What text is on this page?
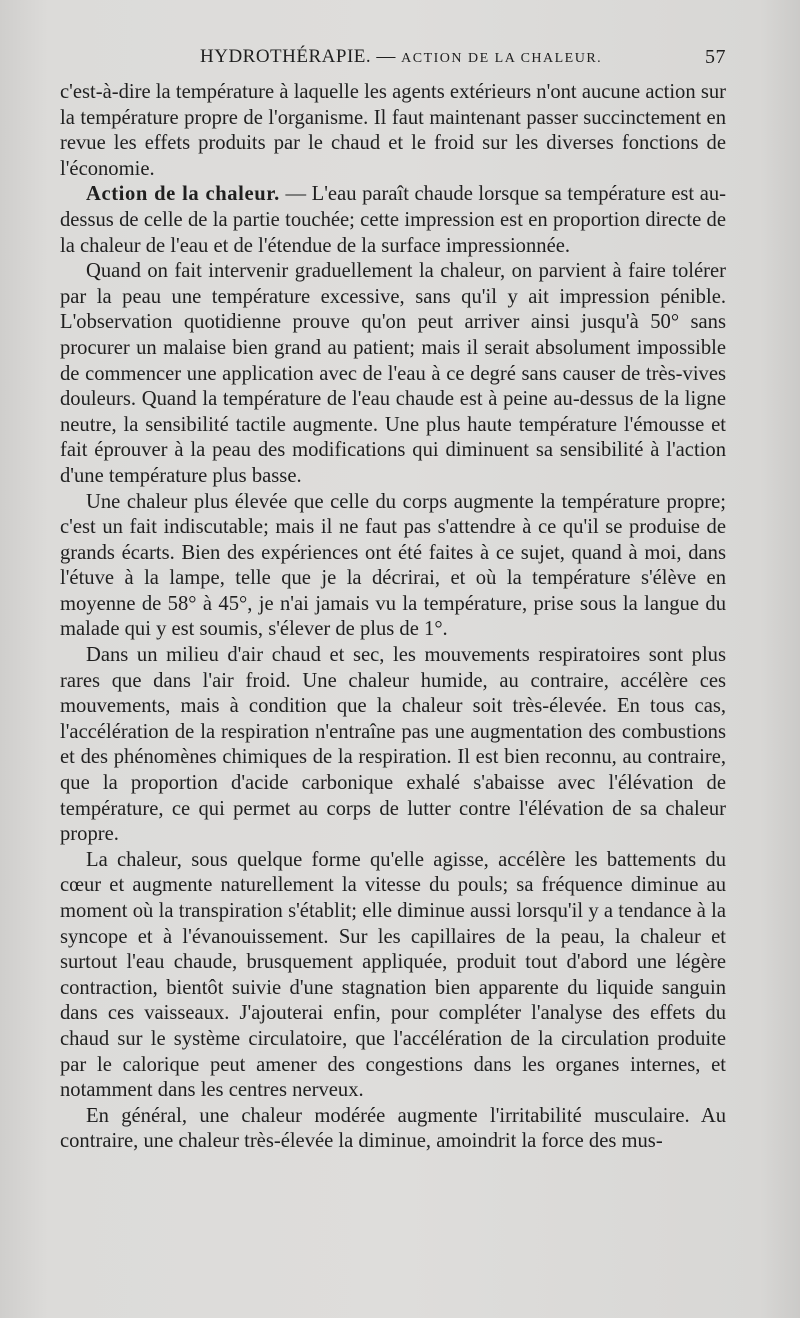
HYDROTHÉRAPIE. — ACTION DE LA CHALEUR.	57

c'est-à-dire la température à laquelle les agents extérieurs n'ont aucune action sur la température propre de l'organisme. Il faut maintenant passer succinctement en revue les effets produits par le chaud et le froid sur les diverses fonctions de l'économie.

Action de la chaleur. — L'eau paraît chaude lorsque sa température est au-dessus de celle de la partie touchée; cette impression est en proportion directe de la chaleur de l'eau et de l'étendue de la surface impressionnée.

Quand on fait intervenir graduellement la chaleur, on parvient à faire tolérer par la peau une température excessive, sans qu'il y ait impression pénible. L'observation quotidienne prouve qu'on peut arriver ainsi jusqu'à 50° sans procurer un malaise bien grand au patient; mais il serait absolument impossible de commencer une application avec de l'eau à ce degré sans causer de très-vives douleurs. Quand la température de l'eau chaude est à peine au-dessus de la ligne neutre, la sensibilité tactile augmente. Une plus haute température l'émousse et fait éprouver à la peau des modifications qui diminuent sa sensibilité à l'action d'une température plus basse.

Une chaleur plus élevée que celle du corps augmente la température propre; c'est un fait indiscutable; mais il ne faut pas s'attendre à ce qu'il se produise de grands écarts. Bien des expériences ont été faites à ce sujet, quand à moi, dans l'étuve à la lampe, telle que je la décrirai, et où la température s'élève en moyenne de 58° à 45°, je n'ai jamais vu la température, prise sous la langue du malade qui y est soumis, s'élever de plus de 1°.

Dans un milieu d'air chaud et sec, les mouvements respiratoires sont plus rares que dans l'air froid. Une chaleur humide, au contraire, accélère ces mouvements, mais à condition que la chaleur soit très-élevée. En tous cas, l'accélération de la respiration n'entraîne pas une augmentation des combustions et des phénomènes chimiques de la respiration. Il est bien reconnu, au contraire, que la proportion d'acide carbonique exhalé s'abaisse avec l'élévation de température, ce qui permet au corps de lutter contre l'élévation de sa chaleur propre.

La chaleur, sous quelque forme qu'elle agisse, accélère les battements du cœur et augmente naturellement la vitesse du pouls; sa fréquence diminue au moment où la transpiration s'établit; elle diminue aussi lorsqu'il y a tendance à la syncope et à l'évanouissement. Sur les capillaires de la peau, la chaleur et surtout l'eau chaude, brusquement appliquée, produit tout d'abord une légère contraction, bientôt suivie d'une stagnation bien apparente du liquide sanguin dans ces vaisseaux. J'ajouterai enfin, pour compléter l'analyse des effets du chaud sur le système circulatoire, que l'accélération de la circulation produite par le calorique peut amener des congestions dans les organes internes, et notamment dans les centres nerveux.

En général, une chaleur modérée augmente l'irritabilité musculaire. Au contraire, une chaleur très-élevée la diminue, amoindrit la force des mus-
